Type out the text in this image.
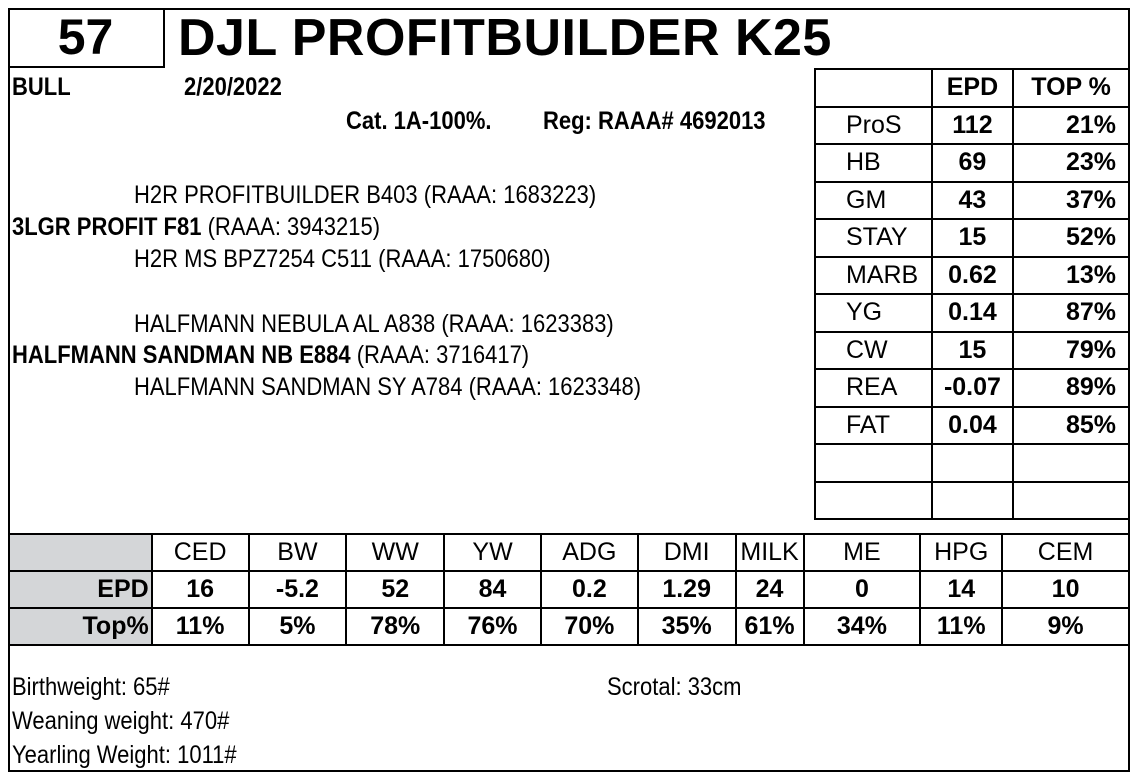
57	DJL PROFITBUILDER K25
BULL	2/20/2022
Cat. 1A-100%. Reg: RAAA# 4692013
H2R PROFITBUILDER B403 (RAAA: 1683223)
3LGR PROFIT F81 (RAAA: 3943215)
H2R MS BPZ7254 C511 (RAAA: 1750680)
HALFMANN NEBULA AL A838 (RAAA: 1623383)
HALFMANN SANDMAN NB E884 (RAAA: 3716417)
HALFMANN SANDMAN SY A784 (RAAA: 1623348)
	EPD	TOP %
ProS	112	21%
HB	69	23%
GM	43	37%
STAY	15	52%
MARB	0.62	13%
YG	0.14	87%
CW	15	79%
REA	-0.07	89%
FAT	0.04	85%

	CED	BW	WW	YW	ADG	DMI	MILK	ME	HPG	CEM
EPD	16	-5.2	52	84	0.2	1.29	24	0	14	10
Top%	11%	5%	78%	76%	70%	35%	61%	34%	11%	9%
Birthweight: 65#
Weaning weight: 470#
Yearling Weight: 1011#
Scrotal: 33cm
